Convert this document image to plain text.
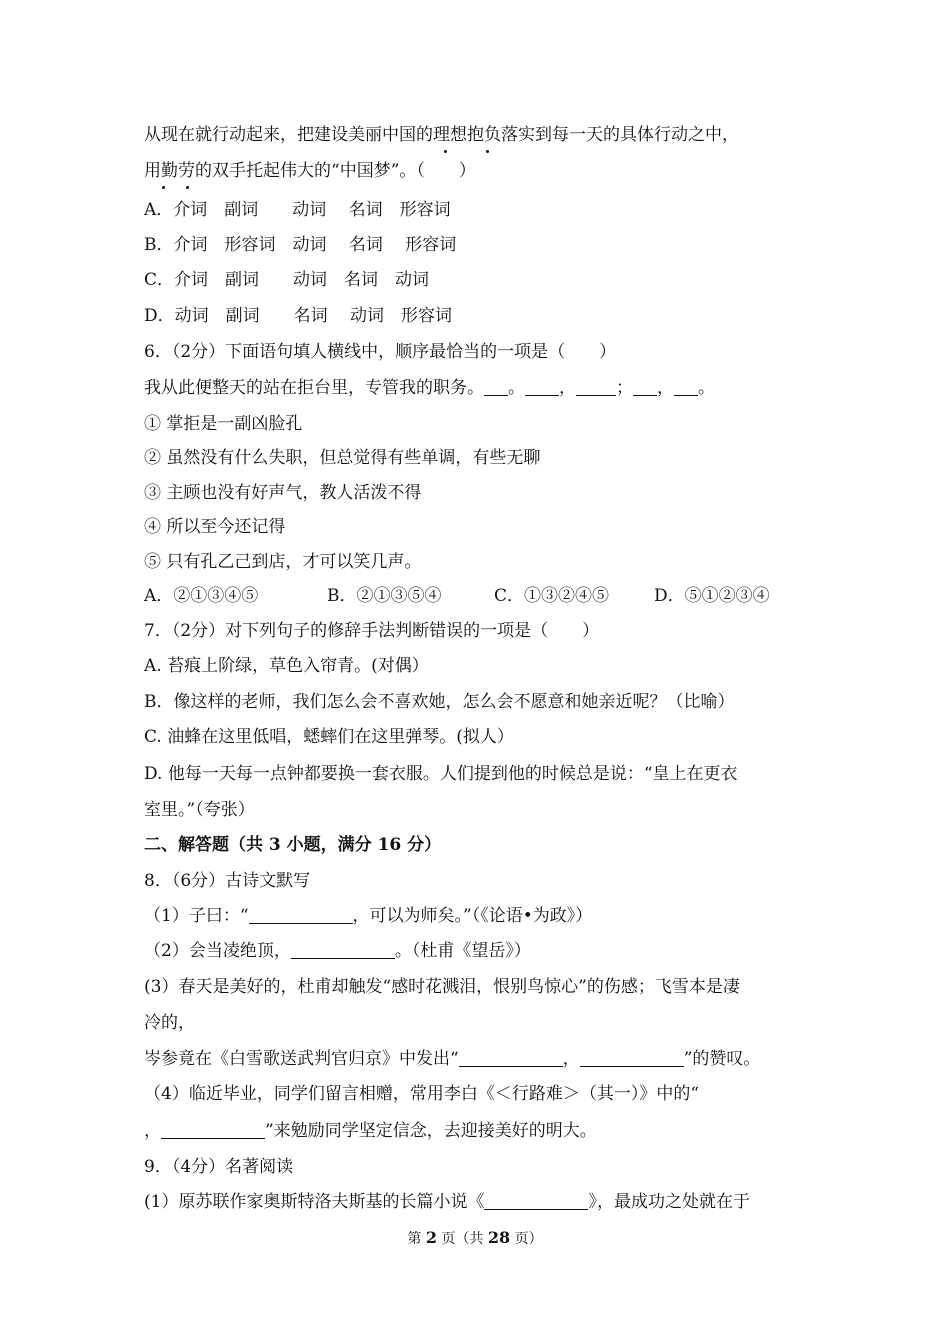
从现在就行动起来，把建设美丽中国的理想抱负落实到每一天的具体行动之中，
用勤劳的双手托起伟大的“中国梦”。（　　）
A．介词　副词　　动词　 名词　形容词
B．介词　形容词　动词　 名词　 形容词
C．介词　副词　　动词　名词　动词
D．动词　副词　　名词　 动词　形容词
6．（2分）下面语句填人横线中，顺序最恰当的一项是（　　）
我从此便整天的站在拒台里，专管我的职务。 。 ， ； ， 。
① 掌拒是一副凶脸孔
② 虽然没有什么失职，但总觉得有些单调，有些无聊
③ 主顾也没有好声气，教人活泼不得
④ 所以至今还记得
⑤ 只有孔乙己到店，才可以笑几声。
A．②①③④⑤	B．②①③⑤④	C．①③②④⑤	D．⑤①②③④
7．（2分）对下列句子的修辞手法判断错误的一项是（　　）
A. 苔痕上阶绿，草色入帘青。(对偶）
B．像这样的老师，我们怎么会不喜欢她，怎么会不愿意和她亲近呢？（比喻）
C. 油蜂在这里低唱，蟋蟀们在这里弹琴。(拟人）
D. 他每一天每一点钟都要换一套衣服。人们提到他的时候总是说：“皇上在更衣
室里。”（夸张）
二、解答题（共 3 小题，满分 16 分）
8．（6分）古诗文默写
（1）子曰：“	，可以为师矣。”（《论语•为政》）
（2）会当凌绝顶，	。（杜甫《望岳》）
(3）春天是美好的，杜甫却触发“感时花溅泪，恨别鸟惊心”的伤感；飞雪本是凄
冷的，
岑参竟在《白雪歌送武判官归京》中发出“	，	”的赞叹。
（4）临近毕业，同学们留言相赠，常用李白《＜行路难＞（其一）》中的“
，	”来勉励同学坚定信念，去迎接美好的明大。
9．（4分）名著阅读
(1）原苏联作家奥斯特洛夫斯基的长篇小说《	》，最成功之处就在于
第 2 页（共 28 页）
